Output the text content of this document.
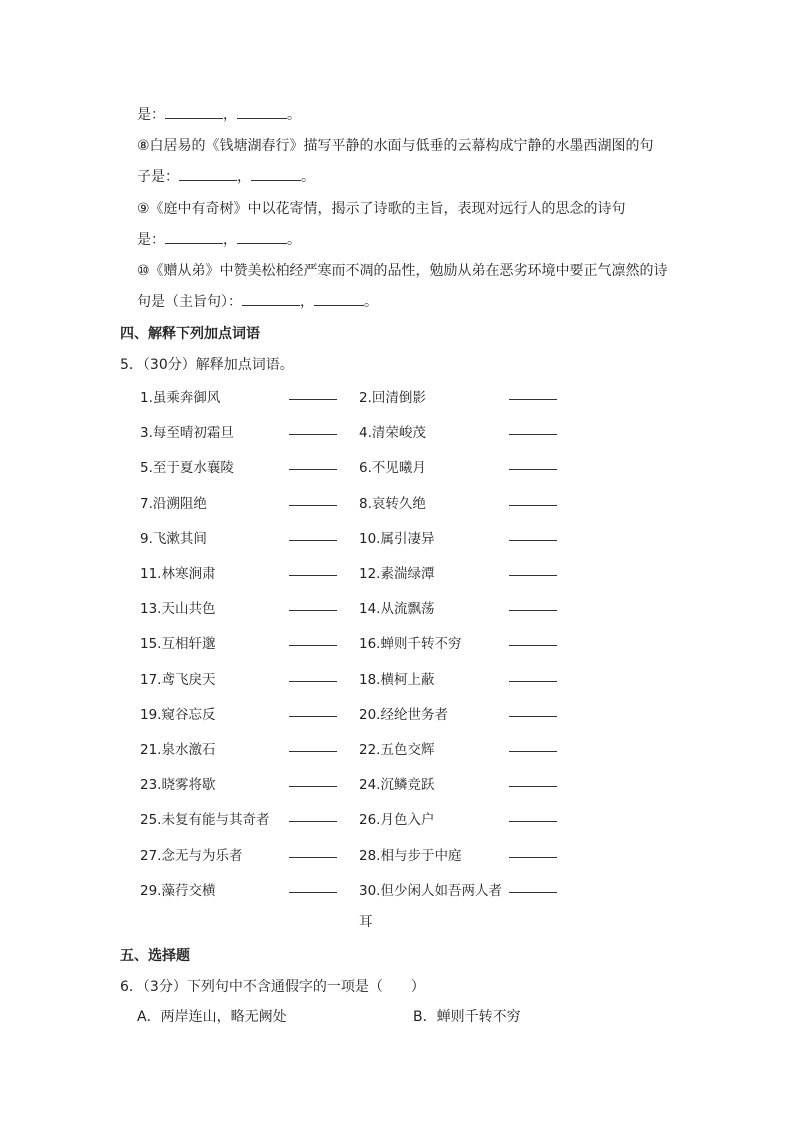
是：	，	。
⑧白居易的《钱塘湖春行》描写平静的水面与低垂的云幕构成宁静的水墨西湖图的句
子是：	，	。
⑨《庭中有奇树》中以花寄情，揭示了诗歌的主旨，表现对远行人的思念的诗句
是：	，	。
⑩《赠从弟》中赞美松柏经严寒而不凋的品性，勉励从弟在恶劣环境中要正气凛然的诗
句是（主旨句）：	，	。
四、解释下列加点词语
5．（30分）解释加点词语。
1.虽乘奔御风	2.回清倒影
3.每至晴初霜旦	4.清荣峻茂
5.至于夏水襄陵	6.不见曦月
7.沿溯阻绝	8.哀转久绝
9.飞漱其间	10.属引凄异
11.林寒涧肃	12.素湍绿潭
13.天山共色	14.从流飘荡
15.互相轩邈	16.蝉则千转不穷
17.鸢飞戾天	18.横柯上蔽
19.窥谷忘反	20.经纶世务者
21.泉水激石	22.五色交辉
23.晓雾将歇	24.沉鳞竞跃
25.未复有能与其奇者	26.月色入户
27.念无与为乐者	28.相与步于中庭
29.藻荇交横	30.但少闲人如吾两人者
耳
五、选择题
6．（3分）下列句中不含通假字的一项是（　　）
A．两岸连山，略无阙处	B．蝉则千转不穷
